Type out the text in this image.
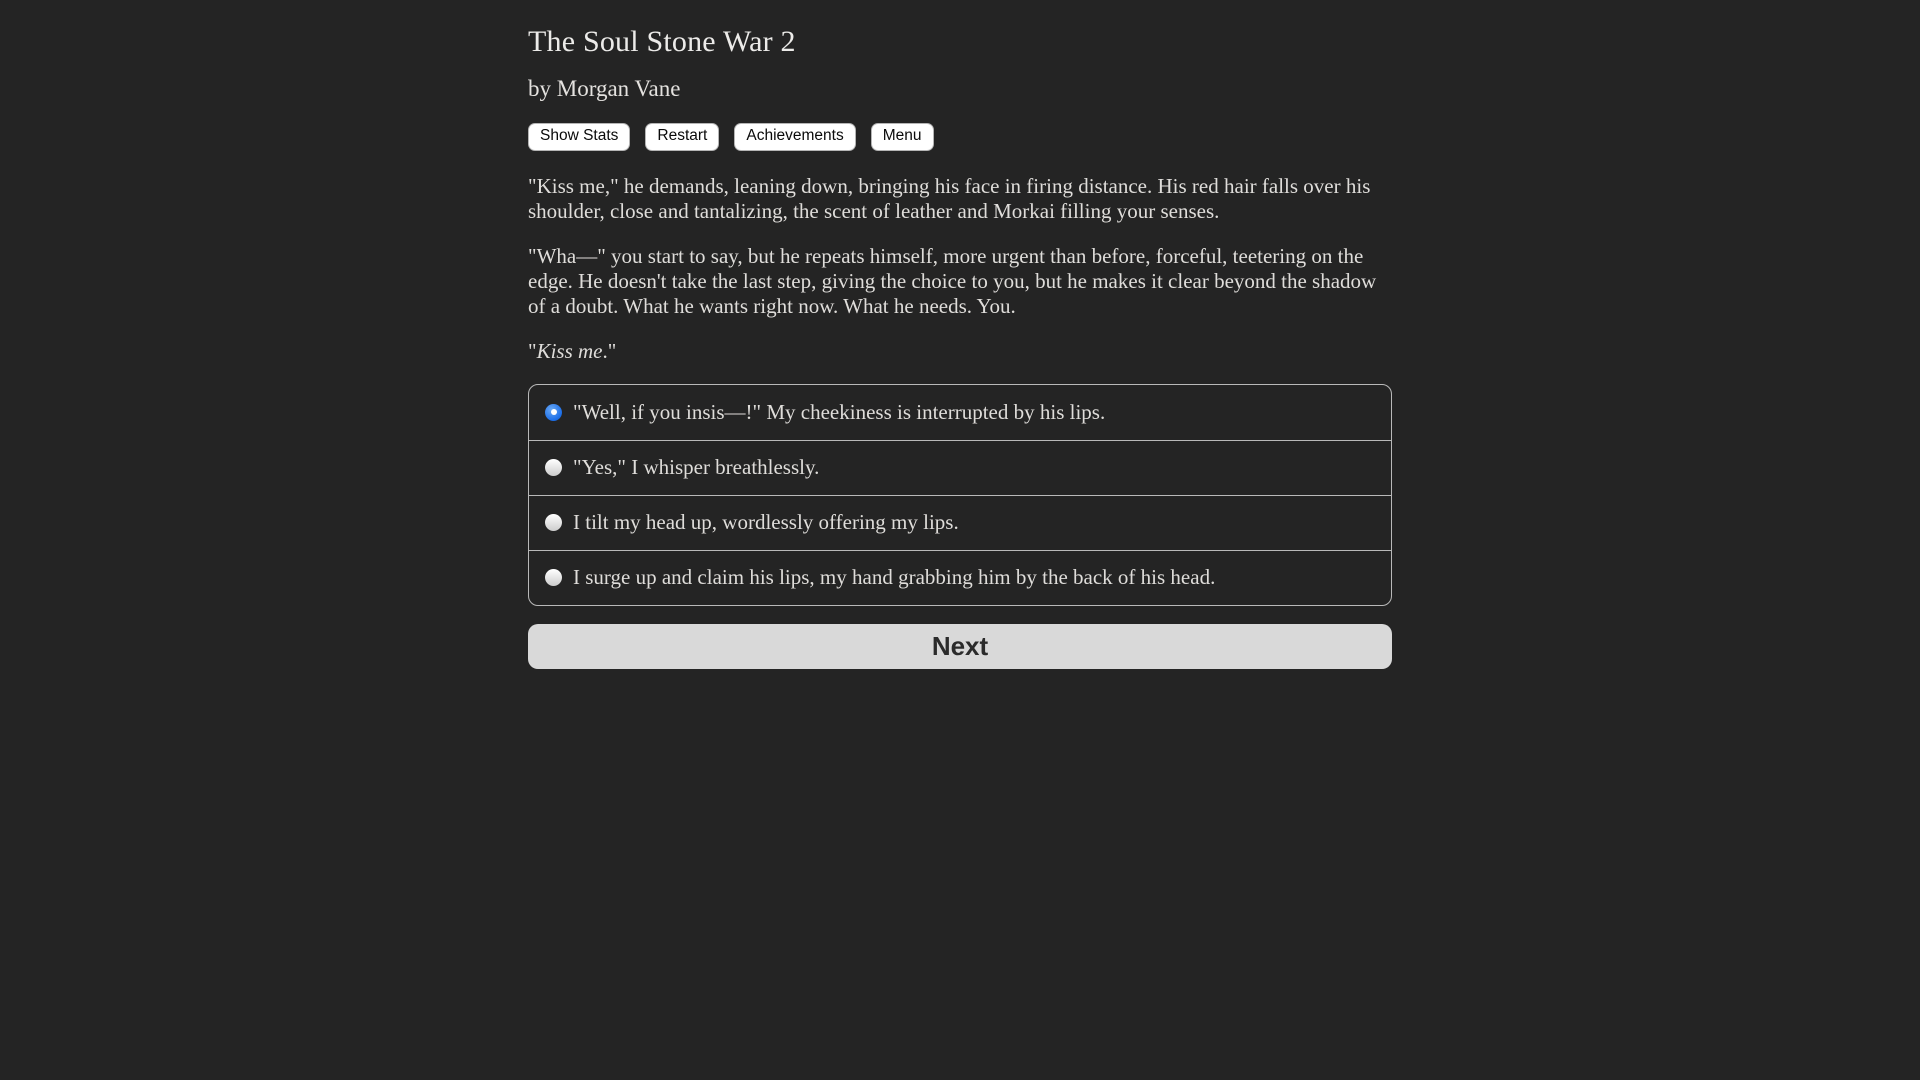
The Soul Stone War 2
by Morgan Vane
Show Stats	Restart	Achievements	Menu

"Kiss me," he demands, leaning down, bringing his face in firing distance. His red hair falls over his shoulder, close and tantalizing, the scent of leather and Morkai filling your senses.

"Wha—" you start to say, but he repeats himself, more urgent than before, forceful, teetering on the edge. He doesn't take the last step, giving the choice to you, but he makes it clear beyond the shadow of a doubt. What he wants right now. What he needs. You.

"Kiss me."

"Well, if you insis—!" My cheekiness is interrupted by his lips.
"Yes," I whisper breathlessly.
I tilt my head up, wordlessly offering my lips.
I surge up and claim his lips, my hand grabbing him by the back of his head.
Next
